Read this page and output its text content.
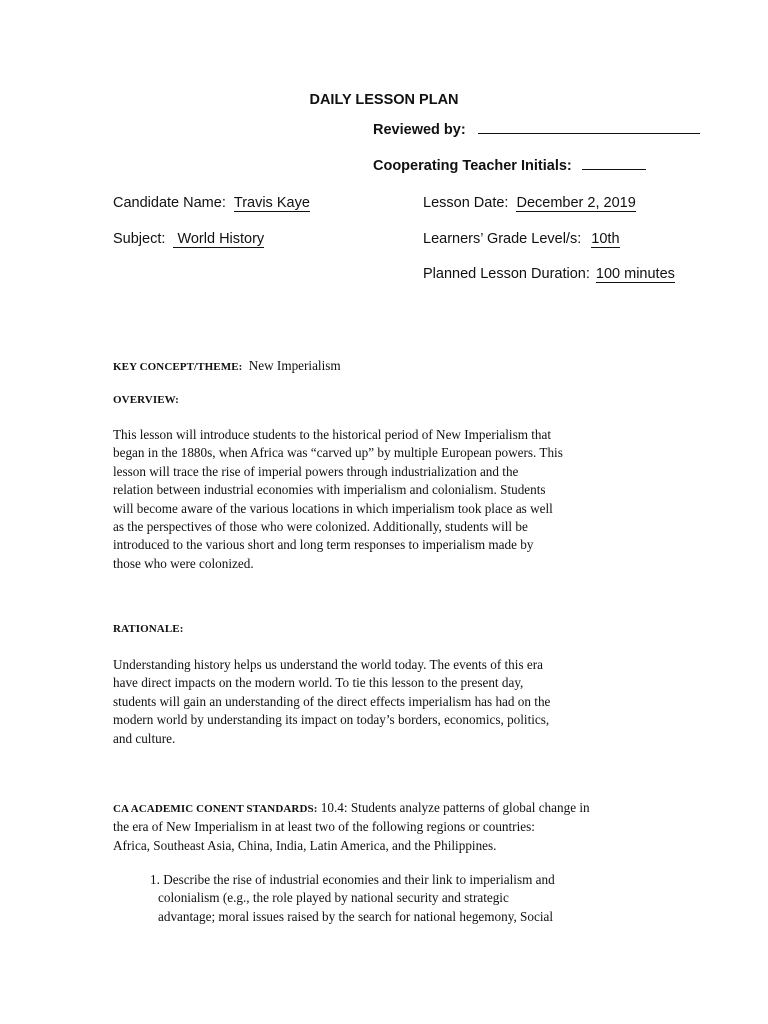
DAILY LESSON PLAN
Reviewed by:
Cooperating Teacher Initials:
Candidate Name: Travis Kaye	Lesson Date: December 2, 2019
Subject: World History	Learners’ Grade Level/s: 10th
Planned Lesson Duration: 100 minutes
KEY CONCEPT/THEME: New Imperialism
OVERVIEW:
This lesson will introduce students to the historical period of New Imperialism that
began in the 1880s, when Africa was “carved up” by multiple European powers. This
lesson will trace the rise of imperial powers through industrialization and the
relation between industrial economies with imperialism and colonialism. Students
will become aware of the various locations in which imperialism took place as well
as the perspectives of those who were colonized. Additionally, students will be
introduced to the various short and long term responses to imperialism made by
those who were colonized.
RATIONALE:
Understanding history helps us understand the world today. The events of this era
have direct impacts on the modern world. To tie this lesson to the present day,
students will gain an understanding of the direct effects imperialism has had on the
modern world by understanding its impact on today’s borders, economics, politics,
and culture.
CA ACADEMIC CONENT STANDARDS: 10.4: Students analyze patterns of global change in
the era of New Imperialism in at least two of the following regions or countries:
Africa, Southeast Asia, China, India, Latin America, and the Philippines.
1. Describe the rise of industrial economies and their link to imperialism and
colonialism (e.g., the role played by national security and strategic
advantage; moral issues raised by the search for national hegemony, Social
